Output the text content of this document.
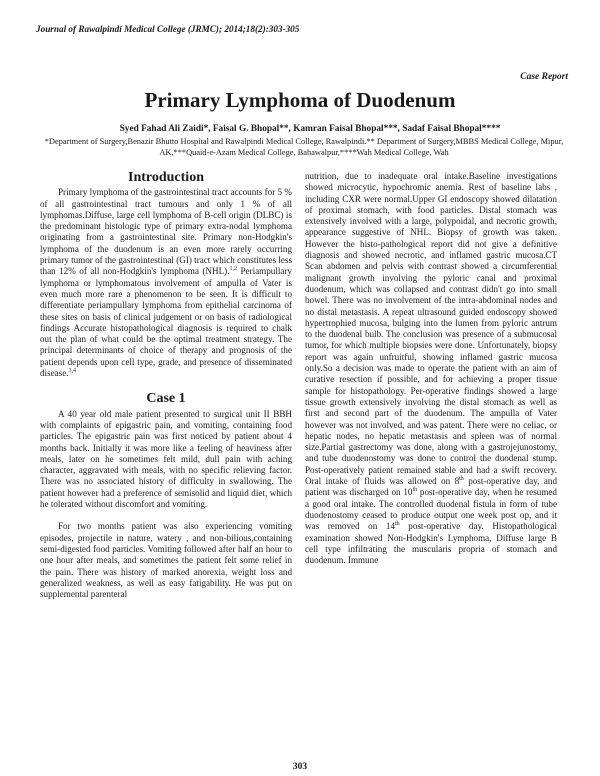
Journal of Rawalpindi Medical College (JRMC); 2014;18(2):303-305
Case Report
Primary Lymphoma of Duodenum
Syed Fahad Ali Zaidi*, Faisal G. Bhopal**, Kamran Faisal Bhopal***, Sadaf Faisal Bhopal****
*Department of Surgery,Benazir Bhutto Hospital and Rawalpindi Medical College, Rawalpindi.** Department of Surgery,MBBS Medical College, Mipur, AK,***Quaid-e-Azam Medical College, Bahawalpur,****Wah Medical College, Wah
Introduction

Primary lymphoma of the gastrointestinal tract accounts for 5 % of all gastrointestinal tract tumours and only 1 % of all lymphomas.Diffuse, large cell lymphoma of B-cell origin (DLBC) is the predominant histologic type of primary extra-nodal lymphoma originating from a gastrointestinal site. Primary non-Hodgkin's lymphoma of the duodenum is an even more rarely occurring primary tumor of the gastrointestinal (GI) tract which constitutes less than 12% of all non-Hodgkin's lymphoma (NHL).$^{1,2}$ Periampullary lymphoma or lymphomatous involvement of ampulla of Vater is even much more rare a phenomenon to be seen. It is difficult to differentiate periampullary lymphoma from epithelial carcinoma of these sites on basis of clinical judgement or on basis of radiological findings Accurate histopathological diagnosis is required to chalk out the plan of what could be the optimal treatment strategy. The principal determinants of choice of therapy and prognosis of the patient depends upon cell type, grade, and presence of disseminated disease.$^{3,4}$

Case 1

A 40 year old male patient presented to surgical unit II BBH with complaints of epigastric pain, and vomiting, containing food particles. The epigastric pain was first noticed by patient about 4 months back. Initially it was more like a feeling of heaviness after meals, later on he sometimes felt mild, dull pain with aching character, aggravated with meals, with no specific relieving factor. There was no associated history of difficulty in swallowing. The patient however had a preference of semisolid and liquid diet, which he tolerated without discomfort and vomiting.

For two months patient was also experiencing vomiting episodes, projectile in nature, watery , and non-bilious,containing semi-digested food particles. Vomiting followed after half an hour to one hour after meals, and sometimes the patient felt some relief in the pain. There was history of marked anorexia, weight loss and generalized weakness, as well as easy fatigability. He was put on supplemental parenteral

nutrition, due to inadequate oral intake.Baseline investigations showed microcytic, hypochromic anemia. Rest of baseline labs , including CXR were normal.Upper GI endoscopy showed dilatation of proximal stomach, with food particles. Distal stomach was extensively involved with a large, polypoidal, and necrotic growth, appearance suggestive of NHL. Biopsy of growth was taken. However the histo-pathological report did not give a definitive diagnosis and showed necrotic, and inflamed gastric mucosa.CT Scan abdomen and pelvis with contrast showed a circumferential malignant growth involving the pyloric canal and proximal duodenum, which was collapsed and contrast didn't go into small bowel. There was no involvement of the intra-abdominal nodes and no distal metastasis. A repeat ultrasound guided endoscopy showed hypertrophied mucosa, bulging into the lumen from pyloric antrum to the duodenal bulb. The conclusion was presence of a submucosal tumor, for which multiple biopsies were done. Unfortunately, biopsy report was again unfruitful, showing inflamed gastric mucosa only.So a decision was made to operate the patient with an aim of curative resection if possible, and for achieving a proper tissue sample for histopathology. Per-operative findings showed a large tissue growth extensively involving the distal stomach as well as first and second part of the duodenum. The ampulla of Vater however was not involved, and was patent. There were no celiac, or hepatic nodes, no hepatic metastasis and spleen was of normal size.Partial gastrectomy was done, along with a gastrojejunostomy, and tube duodenostomy was done to control the duodenal stump. Post-operatively patient remained stable and had a swift recovery. Oral intake of fluids was allowed on 8th post-operative day, and patient was discharged on 10th post-operative day, when he resumed a good oral intake. The controlled duodenal fistula in form of tube duodenostomy ceased to produce output one week post op, and it was removed on 14th post-operative day. Histopathological examination showed Non-Hodgkin's Lymphoma, Diffuse large B cell type infiltrating the muscularis propria of stomach and duodenum. Immune

303
